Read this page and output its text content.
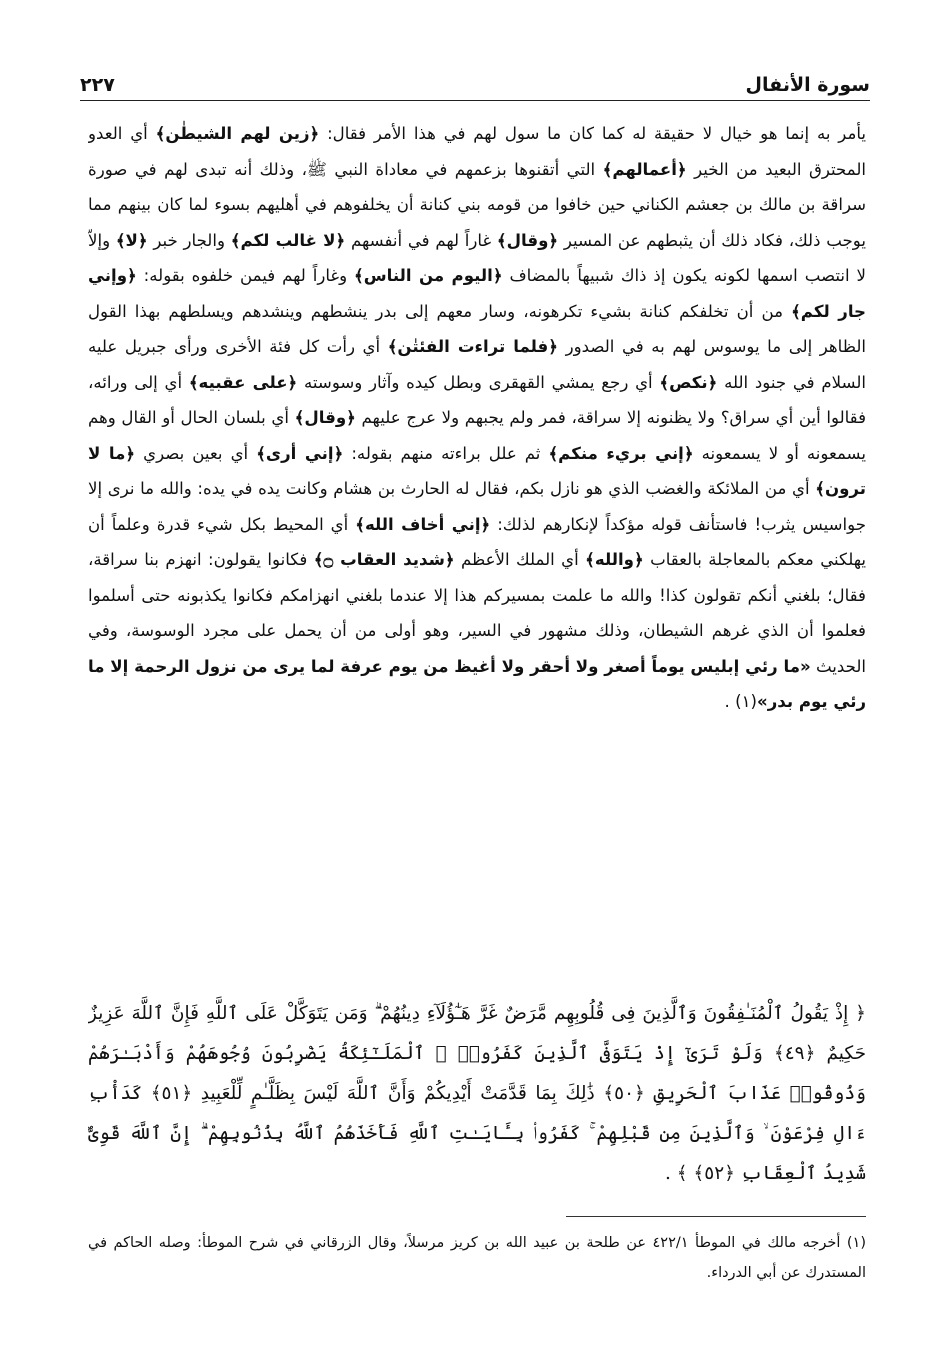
سورة الأنفال
٢٢٧
يأمر به إنما هو خيال لا حقيقة له كما كان ما سول لهم في هذا الأمر فقال: ﴿زين لهم الشيطٰن﴾ أي العدو المحترق البعيد من الخير ﴿أعمالهم﴾ التي أتقنوها بزعمهم في معاداة النبي ﷺ، وذلك أنه تبدى لهم في صورة سراقة بن مالك بن جعشم الكناني حين خافوا من قومه بني كنانة أن يخلفوهم في أهليهم بسوء لما كان بينهم مما يوجب ذلك، فكاد ذلك أن يثبطهم عن المسير ﴿وقال﴾ غاراً لهم في أنفسهم ﴿لا غالب لكم﴾ والجار خبر ﴿لا﴾ وإلاّ لا انتصب اسمها لكونه يكون إذ ذاك شبيهاً بالمضاف ﴿اليوم من الناس﴾ وغاراً لهم فيمن خلفوه بقوله: ﴿وإني جار لكم﴾ من أن تخلفكم كنانة بشيء تكرهونه، وسار معهم إلى بدر ينشطهم وينشدهم ويسلطهم بهذا القول الظاهر إلى ما يوسوس لهم به في الصدور ﴿فلما تراءت الفئتٰن﴾ أي رأت كل فئة الأخرى ورأى جبريل عليه السلام في جنود الله ﴿نكص﴾ أي رجع يمشي القهقرى وبطل كيده وآثار وسوسته ﴿على عقبيه﴾ أي إلى ورائه، فقالوا أين أي سراق؟ ولا يظنونه إلا سراقة، فمر ولم يجبهم ولا عرج عليهم ﴿وقال﴾ أي بلسان الحال أو القال وهم يسمعونه أو لا يسمعونه ﴿إني بريء منكم﴾ ثم علل براءته منهم بقوله: ﴿إني أرى﴾ أي بعين بصري ﴿ما لا ترون﴾ أي من الملائكة والغضب الذي هو نازل بكم، فقال له الحارث بن هشام وكانت يده في يده: والله ما نرى إلا جواسيس يثرب! فاستأنف قوله مؤكداً لإنكارهم لذلك: ﴿إني أخاف الله﴾ أي المحيط بكل شيء قدرة وعلماً أن يهلكني معكم بالمعاجلة بالعقاب ﴿والله﴾ أي الملك الأعظم ﴿شديد العقاب ۝﴾ فكانوا يقولون: انهزم بنا سراقة، فقال؛ بلغني أنكم تقولون كذا! والله ما علمت بمسيركم هذا إلا عندما بلغني انهزامكم فكانوا يكذبونه حتى أسلموا فعلموا أن الذي غرهم الشيطان، وذلك مشهور في السير، وهو أولى من أن يحمل على مجرد الوسوسة، وفي الحديث «ما رئي إبليس يوماً أصغر ولا أحقر ولا أغيظ من يوم عرفة لما يرى من نزول الرحمة إلا ما رئي يوم بدر»(١) .
﴿ إِذْ يَقُولُ ٱلْمُنَـٰفِقُونَ وَٱلَّذِينَ فِى قُلُوبِهِم مَّرَضٌ غَرَّ هَـٰٓؤُلَآءِ دِينُهُمْ ۗ وَمَن يَتَوَكَّلْ عَلَى ٱللَّهِ فَإِنَّ ٱللَّهَ عَزِيزٌ حَكِيمٌ ﴿٤٩﴾ وَلَوْ تَرَىٰٓ إِذْ يَتَوَفَّى ٱلَّذِينَ كَفَرُوا۟ ۙ ٱلْمَلَـٰٓئِكَةُ يَضْرِبُونَ وُجُوهَهُمْ وَأَدْبَـٰرَهُمْ وَذُوقُوا۟ عَذَابَ ٱلْحَرِيقِ ﴿٥٠﴾ ذَٰلِكَ بِمَا قَدَّمَتْ أَيْدِيكُمْ وَأَنَّ ٱللَّهَ لَيْسَ بِظَلَّـٰمٍ لِّلْعَبِيدِ ﴿٥١﴾ كَدَأْبِ ءَالِ فِرْعَوْنَ ۙ وَٱلَّذِينَ مِن قَبْلِهِمْ ۚ كَفَرُوا۟ بِـَٔايَـٰتِ ٱللَّهِ فَأَخَذَهُمُ ٱللَّهُ بِذُنُوبِهِمْ ۗ إِنَّ ٱللَّهَ قَوِىٌّ شَدِيدُ ٱلْعِقَابِ ﴿٥٢﴾ ﴾ .
(١) أخرجه مالك في الموطأ ٤٢٢/١ عن طلحة بن عبيد الله بن كريز مرسلاً، وقال الزرقاني في شرح الموطأ: وصله الحاكم في المستدرك عن أبي الدرداء.
